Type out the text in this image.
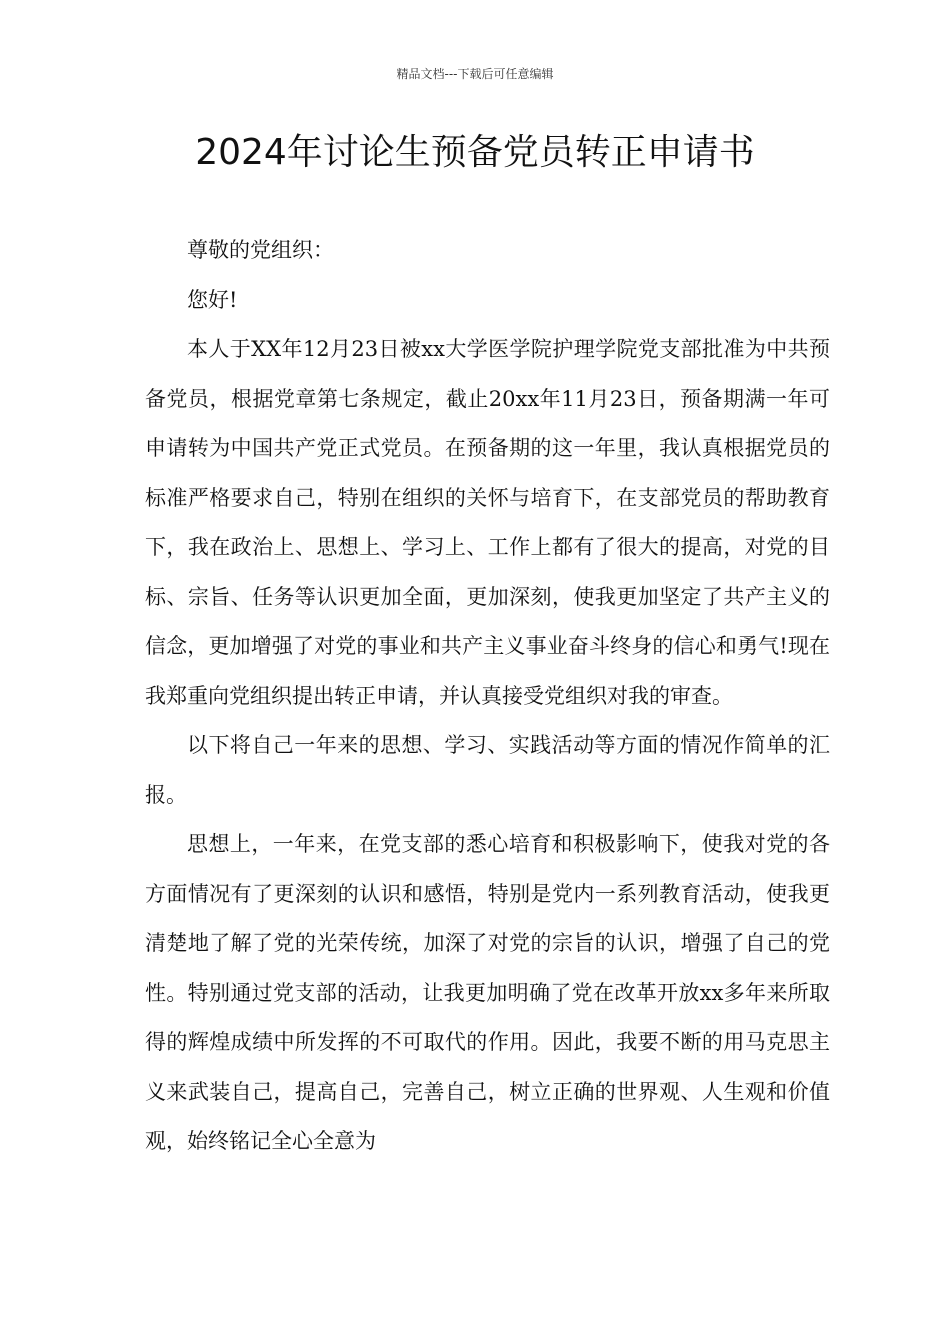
精品文档---下载后可任意编辑
2024年讨论生预备党员转正申请书

尊敬的党组织：

您好!

本人于XX年12月23日被xx大学医学院护理学院党支部批准为中共预备党员，根据党章第七条规定，截止20xx年11月23日，预备期满一年可申请转为中国共产党正式党员。在预备期的这一年里，我认真根据党员的标准严格要求自己，特别在组织的关怀与培育下，在支部党员的帮助教育下，我在政治上、思想上、学习上、工作上都有了很大的提高，对党的目标、宗旨、任务等认识更加全面，更加深刻，使我更加坚定了共产主义的信念，更加增强了对党的事业和共产主义事业奋斗终身的信心和勇气!现在我郑重向党组织提出转正申请，并认真接受党组织对我的审查。

以下将自己一年来的思想、学习、实践活动等方面的情况作简单的汇报。

思想上，一年来，在党支部的悉心培育和积极影响下，使我对党的各方面情况有了更深刻的认识和感悟，特别是党内一系列教育活动，使我更清楚地了解了党的光荣传统，加深了对党的宗旨的认识，增强了自己的党性。特别通过党支部的活动，让我更加明确了党在改革开放xx多年来所取得的辉煌成绩中所发挥的不可取代的作用。因此，我要不断的用马克思主义来武装自己，提高自己，完善自己，树立正确的世界观、人生观和价值观，始终铭记全心全意为
